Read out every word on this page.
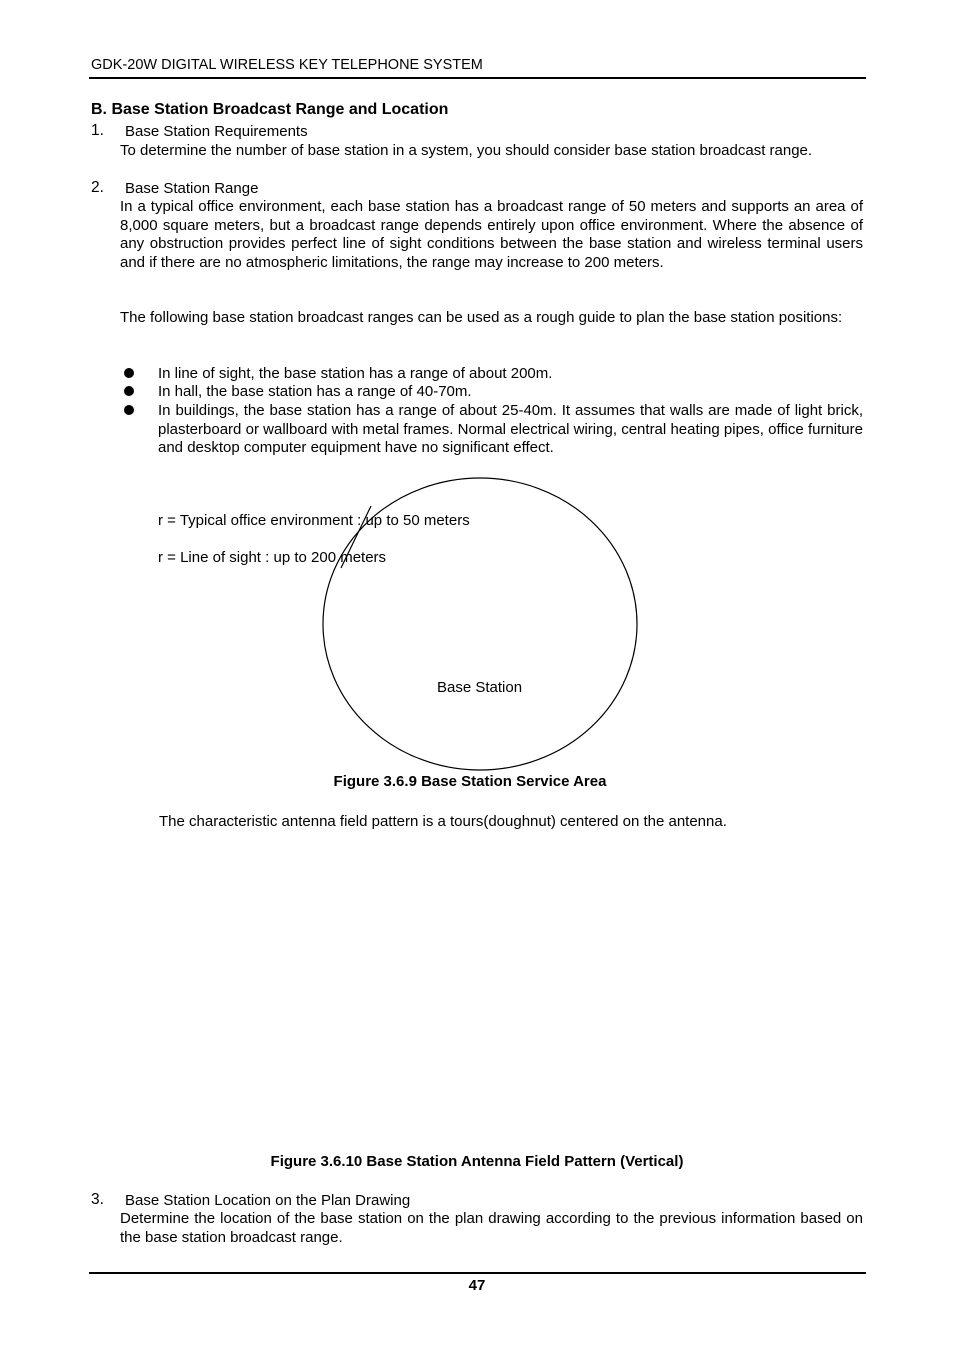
GDK-20W DIGITAL WIRELESS KEY TELEPHONE SYSTEM
B. Base Station Broadcast Range and Location
1. Base Station Requirements
To determine the number of base station in a system, you should consider base station broadcast range.
2. Base Station Range
In a typical office environment, each base station has a broadcast range of 50 meters and supports an area of 8,000 square meters, but a broadcast range depends entirely upon office environment. Where the absence of any obstruction provides perfect line of sight conditions between the base station and wireless terminal users and if there are no atmospheric limitations, the range may increase to 200 meters.
The following base station broadcast ranges can be used as a rough guide to plan the base station positions:
In line of sight, the base station has a range of about 200m.
In hall, the base station has a range of 40-70m.
In buildings, the base station has a range of about 25-40m. It assumes that walls are made of light brick, plasterboard or wallboard with metal frames. Normal electrical wiring, central heating pipes, office furniture and desktop computer equipment have no significant effect.
r = Typical office environment : up to 50 meters
r = Line of sight : up to 200 meters
Base Station
Figure 3.6.9 Base Station Service Area
The characteristic antenna field pattern is a tours(doughnut) centered on the antenna.
Figure 3.6.10 Base Station Antenna Field Pattern (Vertical)
3. Base Station Location on the Plan Drawing
Determine the location of the base station on the plan drawing according to the previous information based on the base station broadcast range.
47
